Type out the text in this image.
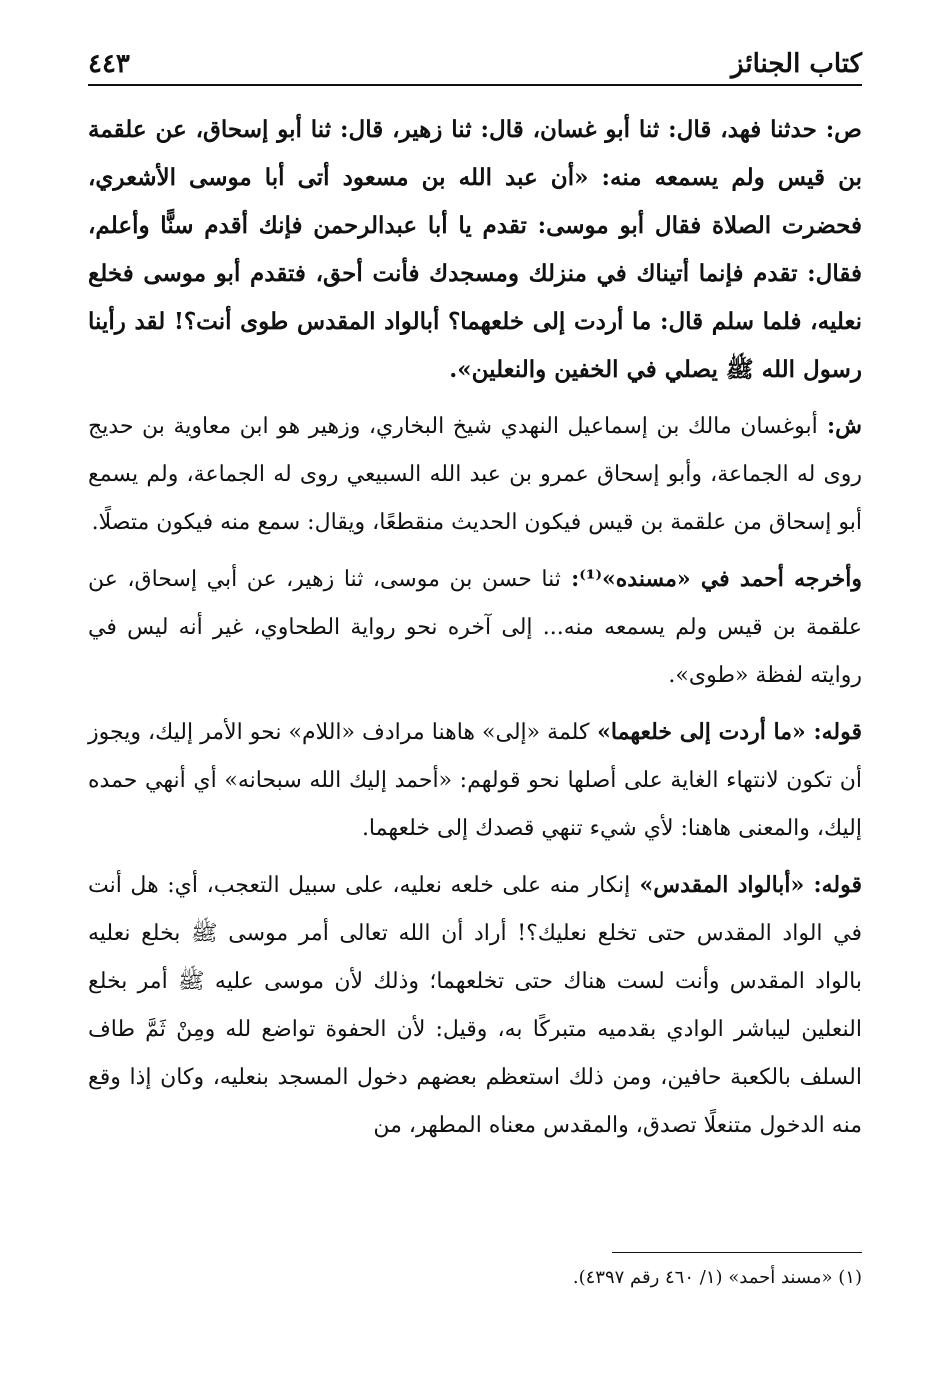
كتاب الجنائز
٤٤٣

ص: حدثنا فهد، قال: ثنا أبو غسان، قال: ثنا زهير، قال: ثنا أبو إسحاق، عن علقمة بن قيس ولم يسمعه منه: «أن عبد الله بن مسعود أتى أبا موسى الأشعري، فحضرت الصلاة فقال أبو موسى: تقدم يا أبا عبدالرحمن فإنك أقدم سنًّا وأعلم، فقال: تقدم فإنما أتيناك في منزلك ومسجدك فأنت أحق، فتقدم أبو موسى فخلع نعليه، فلما سلم قال: ما أردت إلى خلعهما؟ أبالواد المقدس طوى أنت؟! لقد رأينا رسول الله ﷺ يصلي في الخفين والنعلين».

ش: أبوغسان مالك بن إسماعيل النهدي شيخ البخاري، وزهير هو ابن معاوية بن حديج روى له الجماعة، وأبو إسحاق عمرو بن عبد الله السبيعي روى له الجماعة، ولم يسمع أبو إسحاق من علقمة بن قيس فيكون الحديث منقطعًا، ويقال: سمع منه فيكون متصلًا.

وأخرجه أحمد في «مسنده»⁽¹⁾: ثنا حسن بن موسى، ثنا زهير، عن أبي إسحاق، عن علقمة بن قيس ولم يسمعه منه... إلى آخره نحو رواية الطحاوي، غير أنه ليس في روايته لفظة «طوى».

قوله: «ما أردت إلى خلعهما» كلمة «إلى» هاهنا مرادف «اللام» نحو الأمر إليك، ويجوز أن تكون لانتهاء الغاية على أصلها نحو قولهم: «أحمد إليك الله سبحانه» أي أنهي حمده إليك، والمعنى هاهنا: لأي شيء تنهي قصدك إلى خلعهما.

قوله: «أبالواد المقدس» إنكار منه على خلعه نعليه، على سبيل التعجب، أي: هل أنت في الواد المقدس حتى تخلع نعليك؟! أراد أن الله تعالى أمر موسى ﷺ بخلع نعليه بالواد المقدس وأنت لست هناك حتى تخلعهما؛ وذلك لأن موسى عليه ﷺ أمر بخلع النعلين ليباشر الوادي بقدميه متبركًا به، وقيل: لأن الحفوة تواضع لله ومِنْ ثَمَّ طاف السلف بالكعبة حافين، ومن ذلك استعظم بعضهم دخول المسجد بنعليه، وكان إذا وقع منه الدخول متنعلًا تصدق، والمقدس معناه المطهر، من

(١) «مسند أحمد» (١/ ٤٦٠ رقم ٤٣٩٧).
